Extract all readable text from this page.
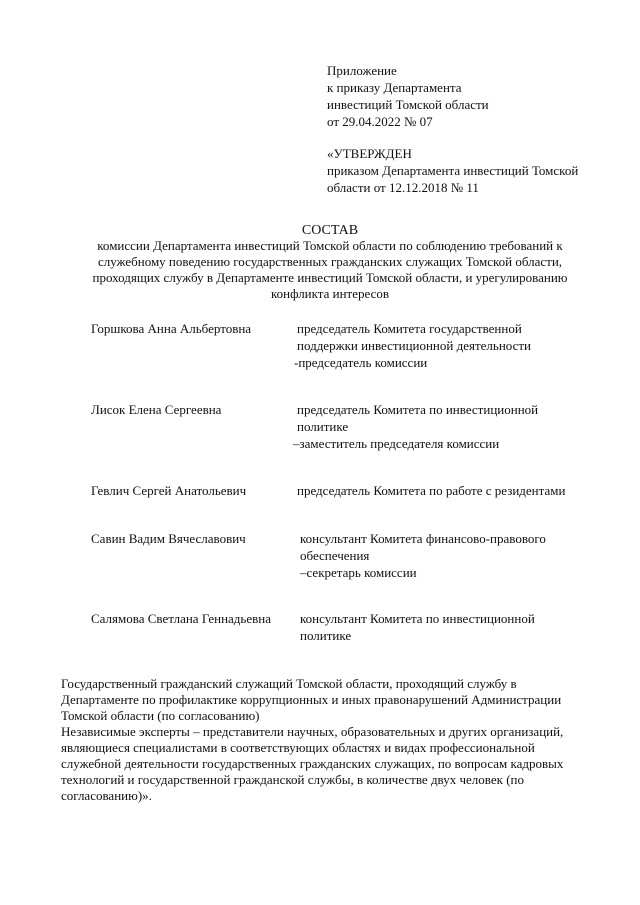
Приложение
к приказу Департамента
инвестиций Томской области
от 29.04.2022 № 07
«УТВЕРЖДЕН
приказом Департамента инвестиций Томской
области от 12.12.2018 № 11
СОСТАВ
комиссии Департамента инвестиций Томской области по соблюдению требований к
служебному поведению государственных гражданских служащих Томской области,
проходящих службу в Департаменте инвестиций Томской области, и урегулированию
конфликта интересов
Горшкова Анна Альбертовна	председатель Комитета государственной
поддержки инвестиционной деятельности
-председатель комиссии
Лисок Елена Сергеевна	председатель Комитета по инвестиционной
политике
–заместитель председателя комиссии
Гевлич Сергей Анатольевич	председатель Комитета по работе с резидентами
Савин Вадим Вячеславович	консультант Комитета финансово-правового
обеспечения
–секретарь комиссии
Салямова Светлана Геннадьевна консультант Комитета по инвестиционной
политике
Государственный гражданский служащий Томской области, проходящий службу в
Департаменте по профилактике коррупционных и иных правонарушений Администрации
Томской области (по согласованию)
Независимые эксперты – представители научных, образовательных и других организаций,
являющиеся специалистами в соответствующих областях и видах профессиональной
служебной деятельности государственных гражданских служащих, по вопросам кадровых
технологий и государственной гражданской службы, в количестве двух человек (по
согласованию)».
